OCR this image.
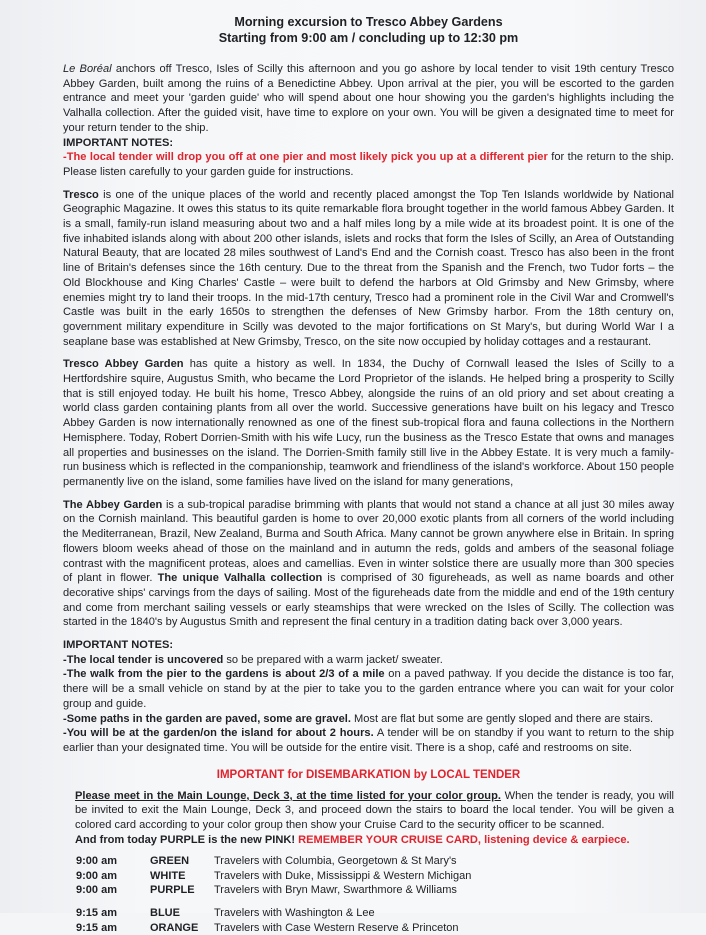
Morning excursion to Tresco Abbey Gardens

Starting from 9:00 am / concluding up to 12:30 pm

Le Boréal anchors off Tresco, Isles of Scilly this afternoon and you go ashore by local tender to visit 19th century Tresco Abbey Garden, built among the ruins of a Benedictine Abbey. Upon arrival at the pier, you will be escorted to the garden entrance and meet your 'garden guide' who will spend about one hour showing you the garden's highlights including the Valhalla collection. After the guided visit, have time to explore on your own. You will be given a designated time to meet for your return tender to the ship.

IMPORTANT NOTES:

-The local tender will drop you off at one pier and most likely pick you up at a different pier for the return to the ship. Please listen carefully to your garden guide for instructions.

Tresco is one of the unique places of the world and recently placed amongst the Top Ten Islands worldwide by National Geographic Magazine. It owes this status to its quite remarkable flora brought together in the world famous Abbey Garden. It is a small, family-run island measuring about two and a half miles long by a mile wide at its broadest point. It is one of the five inhabited islands along with about 200 other islands, islets and rocks that form the Isles of Scilly, an Area of Outstanding Natural Beauty, that are located 28 miles southwest of Land's End and the Cornish coast. Tresco has also been in the front line of Britain's defenses since the 16th century. Due to the threat from the Spanish and the French, two Tudor forts – the Old Blockhouse and King Charles' Castle – were built to defend the harbors at Old Grimsby and New Grimsby, where enemies might try to land their troops. In the mid-17th century, Tresco had a prominent role in the Civil War and Cromwell's Castle was built in the early 1650s to strengthen the defenses of New Grimsby harbor. From the 18th century on, government military expenditure in Scilly was devoted to the major fortifications on St Mary's, but during World War I a seaplane base was established at New Grimsby, Tresco, on the site now occupied by holiday cottages and a restaurant.

Tresco Abbey Garden has quite a history as well. In 1834, the Duchy of Cornwall leased the Isles of Scilly to a Hertfordshire squire, Augustus Smith, who became the Lord Proprietor of the islands. He helped bring a prosperity to Scilly that is still enjoyed today. He built his home, Tresco Abbey, alongside the ruins of an old priory and set about creating a world class garden containing plants from all over the world. Successive generations have built on his legacy and Tresco Abbey Garden is now internationally renowned as one of the finest sub-tropical flora and fauna collections in the Northern Hemisphere. Today, Robert Dorrien-Smith with his wife Lucy, run the business as the Tresco Estate that owns and manages all properties and businesses on the island. The Dorrien-Smith family still live in the Abbey Estate. It is very much a family-run business which is reflected in the companionship, teamwork and friendliness of the island's workforce. About 150 people permanently live on the island, some families have lived on the island for many generations,

The Abbey Garden is a sub-tropical paradise brimming with plants that would not stand a chance at all just 30 miles away on the Cornish mainland. This beautiful garden is home to over 20,000 exotic plants from all corners of the world including the Mediterranean, Brazil, New Zealand, Burma and South Africa. Many cannot be grown anywhere else in Britain. In spring flowers bloom weeks ahead of those on the mainland and in autumn the reds, golds and ambers of the seasonal foliage contrast with the magnificent proteas, aloes and camellias. Even in winter solstice there are usually more than 300 species of plant in flower. The unique Valhalla collection is comprised of 30 figureheads, as well as name boards and other decorative ships' carvings from the days of sailing. Most of the figureheads date from the middle and end of the 19th century and come from merchant sailing vessels or early steamships that were wrecked on the Isles of Scilly. The collection was started in the 1840's by Augustus Smith and represent the final century in a tradition dating back over 3,000 years.

IMPORTANT NOTES:

-The local tender is uncovered so be prepared with a warm jacket/ sweater.

-The walk from the pier to the gardens is about 2/3 of a mile on a paved pathway. If you decide the distance is too far, there will be a small vehicle on stand by at the pier to take you to the garden entrance where you can wait for your color group and guide.

-Some paths in the garden are paved, some are gravel. Most are flat but some are gently sloped and there are stairs.

-You will be at the garden/on the island for about 2 hours. A tender will be on standby if you want to return to the ship earlier than your designated time. You will be outside for the entire visit. There is a shop, café and restrooms on site.

IMPORTANT for DISEMBARKATION by LOCAL TENDER

Please meet in the Main Lounge, Deck 3, at the time listed for your color group. When the tender is ready, you will be invited to exit the Main Lounge, Deck 3, and proceed down the stairs to board the local tender. You will be given a colored card according to your color group then show your Cruise Card to the security officer to be scanned.

And from today PURPLE is the new PINK! REMEMBER YOUR CRUISE CARD, listening device & earpiece.

9:00 am	GREEN	Travelers with Columbia, Georgetown & St Mary's
9:00 am	WHITE	Travelers with Duke, Mississippi & Western Michigan
9:00 am	PURPLE	Travelers with Bryn Mawr, Swarthmore & Williams

9:15 am	BLUE	Travelers with Washington & Lee
9:15 am	ORANGE	Travelers with Case Western Reserve & Princeton
